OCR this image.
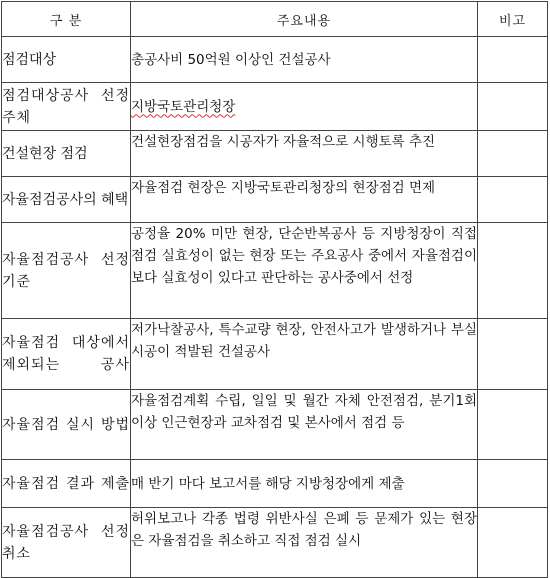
구 분	주요내용	비고
점검대상	총공사비 50억원 이상인 건설공사	
점검대상공사 선정 주체	지방국토관리청장	
건설현장 점검	건설현장점검을 시공자가 자율적으로 시행토록 추진	
자율점검공사의 혜택	자율점검 현장은 지방국토관리청장의 현장점검 면제	
자율점검공사 선정 기준	공정율 20% 미만 현장, 단순반복공사 등 지방청장이 직접 점검 실효성이 없는 현장 또는 주요공사 중에서 자율점검이 보다 실효성이 있다고 판단하는 공사중에서 선정	
자율점검 대상에서 제외되는 공사	저가낙찰공사, 특수교량 현장, 안전사고가 발생하거나 부실시공이 적발된 건설공사	
자율점검 실시 방법	자율점검계획 수립, 일일 및 월간 자체 안전점검, 분기1회 이상 인근현장과 교차점검 및 본사에서 점검 등	
자율점검 결과 제출	매 반기 마다 보고서를 해당 지방청장에게 제출	
자율점검공사 선정 취소	허위보고나 각종 법령 위반사실 은폐 등 문제가 있는 현장은 자율점검을 취소하고 직접 점검 실시	
